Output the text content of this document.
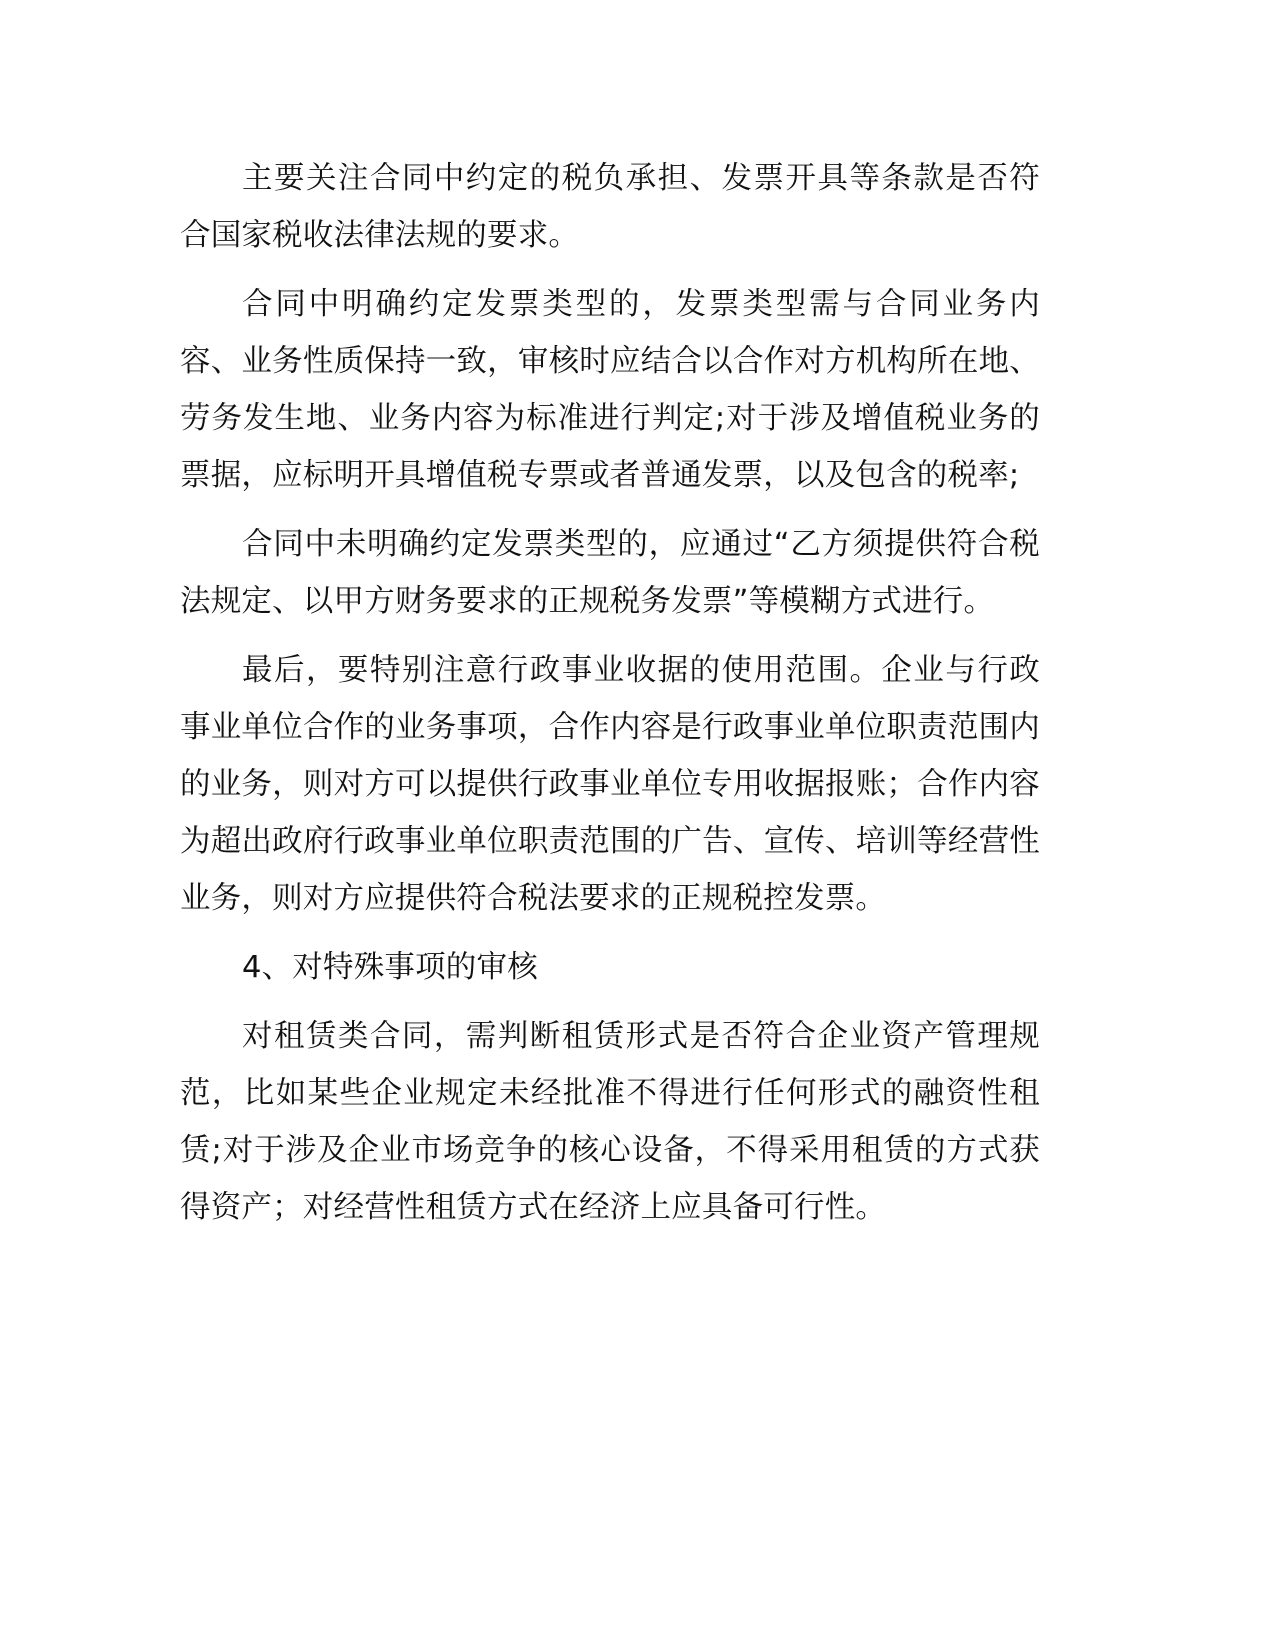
主要关注合同中约定的税负承担、发票开具等条款是否符合国家税收法律法规的要求。

合同中明确约定发票类型的，发票类型需与合同业务内容、业务性质保持一致，审核时应结合以合作对方机构所在地、劳务发生地、业务内容为标准进行判定;对于涉及增值税业务的票据，应标明开具增值税专票或者普通发票，以及包含的税率;

合同中未明确约定发票类型的，应通过“乙方须提供符合税法规定、以甲方财务要求的正规税务发票”等模糊方式进行。

最后，要特别注意行政事业收据的使用范围。企业与行政事业单位合作的业务事项，合作内容是行政事业单位职责范围内的业务，则对方可以提供行政事业单位专用收据报账；合作内容为超出政府行政事业单位职责范围的广告、宣传、培训等经营性业务，则对方应提供符合税法要求的正规税控发票。

4、对特殊事项的审核

对租赁类合同，需判断租赁形式是否符合企业资产管理规范，比如某些企业规定未经批准不得进行任何形式的融资性租赁;对于涉及企业市场竞争的核心设备，不得采用租赁的方式获得资产；对经营性租赁方式在经济上应具备可行性。
